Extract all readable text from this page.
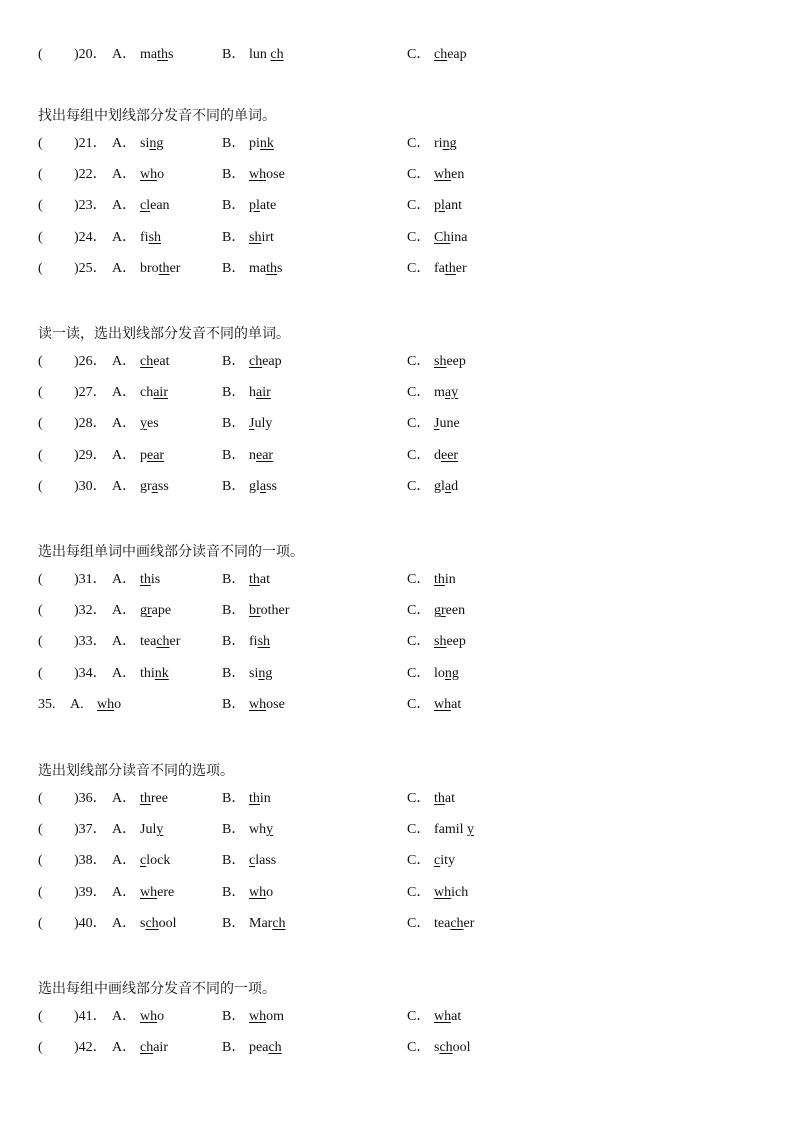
( )20． A． maths	B． lun ch	C． cheap
找出每组中划线部分发音不同的单词。
( )21． A． sing	B． pink	C． ring
( )22． A． who	B． whose	C． when
( )23． A． clean	B． plate	C． plant
( )24． A． fish	B． shirt	C． China
( )25． A． brother	B． maths	C． father
读一读，选出划线部分发音不同的单词。
( )26． A． cheat	B． cheap	C． sheep
( )27． A． chair	B． hair	C． may
( )28． A． yes	B． July	C． June
( )29． A． pear	B． near	C． deer
( )30． A． grass	B． glass	C． glad
选出每组单词中画线部分读音不同的一项。
( )31． A． this	B． that	C． thin
( )32． A． grape	B． brother	C． green
( )33． A． teacher	B． fish	C． sheep
( )34． A． think	B． sing	C． long
35. A. who	B． whose	C． what
选出划线部分读音不同的选项。
( )36． A． three	B． thin	C． that
( )37． A． July	B． why	C． famil y
( )38． A． clock	B． class	C． city
( )39． A． where	B． who	C． which
( )40． A． school	B． March	C． teacher
选出每组中画线部分发音不同的一项。
( )41． A． who	B． whom	C． what
( )42． A． chair	B． peach	C． school
